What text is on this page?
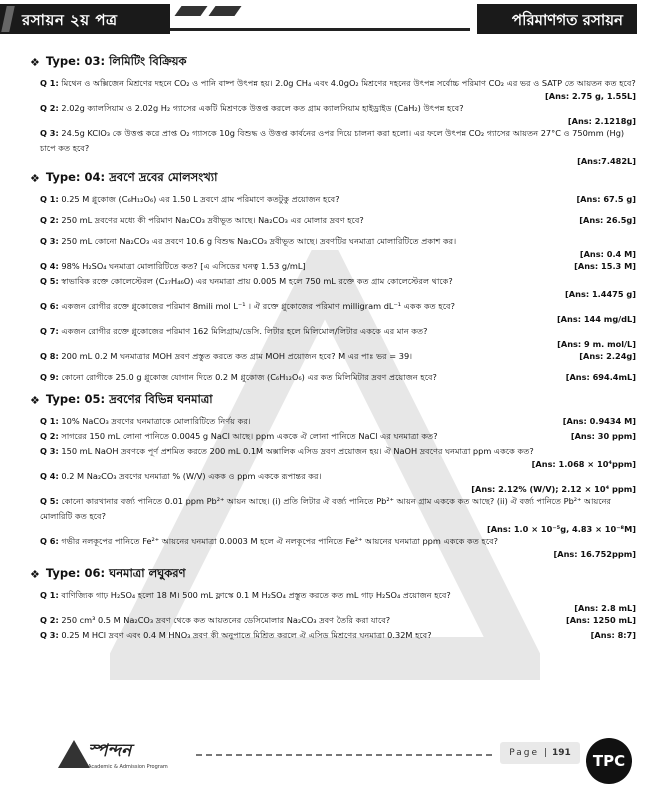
রসায়ন ২য় পত্র	পরিমাণগত রসায়ন
❖ Type: 03: লিমিটিং বিক্রিয়ক
Q 1: মিথেন ও অক্সিজেন মিশ্রণের দহনে CO₂ ও পানি বাষ্প উৎপন্ন হয়। 2.0g CH₄ এবং 4.0gO₂ মিশ্রণের দহনের উৎপন্ন সর্বোচ্চ পরিমাণ CO₂ এর ভর ও SATP তে আয়তন কত হবে?
[Ans: 2.75 g, 1.55L]
Q 2: 2.02g ক্যালসিয়াম ও 2.02g H₂ গ্যাসের একটি মিশ্রণকে উত্তপ্ত করলে কত গ্রাম ক্যালসিয়াম হাইড্রাইড (CaH₂) উৎপন্ন হবে?
[Ans: 2.1218g]
Q 3: 24.5g KClO₃ কে উত্তপ্ত করে প্রাপ্ত O₂ গ্যাসকে 10g বিশুদ্ধ ও উত্তপ্ত কার্বনের ওপর দিয়ে চালনা করা হলো। এর ফলে উৎপন্ন CO₂ গ্যাসের আয়তন 27°C ও 750mm (Hg) চাপে কত হবে?
[Ans:7.482L]
❖ Type: 04: দ্রবণে দ্রবের মোলসংখ্যা
Q 1: 0.25 M গ্লুকোজ (C₆H₁₂O₆) এর 1.50 L দ্রবণে গ্রাম পরিমাণে কতটুকু প্রয়োজন হবে?	[Ans: 67.5 g]
Q 2: 250 mL দ্রবণের মধ্যে কী পরিমাণ Na₂CO₃ দ্রবীভূত আছে। Na₂CO₃ এর মোলার দ্রবণ হবে?	[Ans: 26.5g]
Q 3: 250 mL কোনো Na₂CO₃ এর দ্রবণে 10.6 g বিশুদ্ধ Na₂CO₃ দ্রবীভূত আছে। দ্রবণটির ঘনমাত্রা মোলারিটিতে প্রকাশ কর।
[Ans: 0.4 M]
Q 4: 98% H₂SO₄ ঘনমাত্রা মোলারিটিতে কত? [এ এসিডের ঘনত্ব 1.53 g/mL]	[Ans: 15.3 M]
Q 5: স্বাভাবিক রক্তে কোলেস্টেরল (C₂₇H₄₆O) এর ঘনমাত্রা প্রায় 0.005 M হলে 750 mL রক্তে কত গ্রাম কোলেস্টেরল থাকে?
[Ans: 1.4475 g]
Q 6: একজন রোগীর রক্তে গ্লুকোজের পরিমাণ 8mili mol L⁻¹ । ঐ রক্তে গ্লুকোজের পরিমাণ milligram dL⁻¹ একক কত হবে?
[Ans: 144 mg/dL]
Q 7: একজন রোগীর রক্তে গ্লুকোজের পরিমাণ 162 মিলিগ্রাম/ডেসি. লিটার হলে মিলিমোল/লিটার এককে এর মান কত?
[Ans: 9 m. mol/L]
Q 8: 200 mL 0.2 M ঘনমাত্রার MOH দ্রবণ প্রস্তুত করতে কত গ্রাম MOH প্রয়োজন হবে? M এর পাঃ ভর = 39।	[Ans: 2.24g]
Q 9: কোনো রোগীকে 25.0 g গ্লুকোজ যোগান দিতে 0.2 M গ্লুকোজ (C₆H₁₂O₆) এর কত মিলিমিটার দ্রবণ প্রয়োজন হবে?	[Ans: 694.4mL]
❖ Type: 05: দ্রবণের বিভিন্ন ঘনমাত্রা
Q 1: 10% NaCO₃ দ্রবণের ঘনমাত্রাকে মোলারিটিতে নির্ণয় কর।	[Ans: 0.9434 M]
Q 2: সাগরের 150 mL লোনা পানিতে 0.0045 g NaCl আছে। ppm এককে ঐ লোনা পানিতে NaCl এর ঘনমাত্রা কত?	[Ans: 30 ppm]
Q 3: 150 mL NaOH দ্রবণকে পূর্ণ প্রশমিত করতে 200 mL 0.1M অক্সালিক এসিড দ্রবণ প্রয়োজন হয়। ঐ NaOH দ্রবণের ঘনমাত্রা ppm এককে কত?
[Ans: 1.068 × 10⁴ppm]
Q 4: 0.2 M Na₂CO₃ দ্রবণের ঘনমাত্রা % (W/V) একক ও ppm এককে রূপান্তর কর।
[Ans: 2.12% (W/V); 2.12 × 10⁴ ppm]
Q 5: কোনো কারখানার বর্জ্য পানিতে 0.01 ppm Pb²⁺ আয়ন আছে। (i) প্রতি লিটার ঐ বর্জ্য পানিতে Pb²⁺ আয়ন গ্রাম এককে কত আছে? (ii) ঐ বর্জ্য পানিতে Pb²⁺ আয়নের মোলারিটি কত হবে?
[Ans: 1.0 × 10⁻⁵g, 4.83 × 10⁻⁸M]
Q 6: গভীর নলকূপের পানিতে Fe²⁺ আয়নের ঘনমাত্রা 0.0003 M হলে ঐ নলকূপের পানিতে Fe²⁺ আয়নের ঘনমাত্রা ppm এককে কত হবে?
[Ans: 16.752ppm]
❖ Type: 06: ঘনমাত্রা লঘুকরণ
Q 1: বাণিজ্যিক গাঢ় H₂SO₄ হলো 18 M। 500 mL ফ্লাস্কে 0.1 M H₂SO₄ প্রস্তুত করতে কত mL গাঢ় H₂SO₄ প্রয়োজন হবে?
[Ans: 2.8 mL]
Q 2: 250 cm³ 0.5 M Na₂CO₃ দ্রবণ থেকে কত আয়তনের ডেসিমোলার Na₂CO₃ দ্রবণ তৈরি করা যাবে?	[Ans: 1250 mL]
Q 3: 0.25 M HCl দ্রবণ এবং 0.4 M HNO₃ দ্রবণ কী অনুপাতে মিশ্রিত করলে ঐ এসিড মিশ্রণের ঘনমাত্রা 0.32M হবে?	[Ans: 8:7]
স্পন্দন
Academic & Admission Program
Page | 191	TPC
